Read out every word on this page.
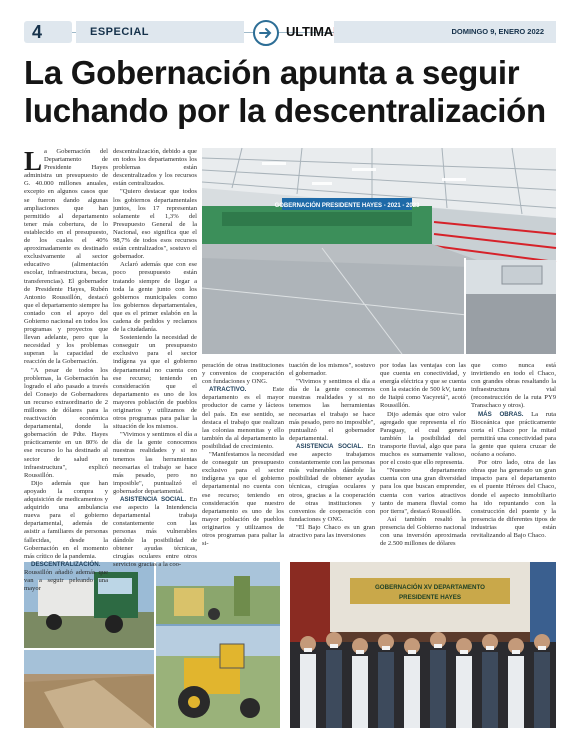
4	ESPECIAL	ULTIMA	DOMINGO 9, ENERO 2022
La Gobernación apunta a seguir luchando por la descentralización
GOBERNACIÓN PRESIDENTE HAYES - 2021 - 2023
GOBERNACIÓN XV DEPARTAMENTO
PRESIDENTE HAYES

La Gobernación del Departamento de Presidente Hayes administra un presupuesto de G. 40.000 millones anuales, excepto en algunos casos que se fueron dando algunas ampliaciones que han permitido al departamento tener más cobertura, de lo establecido en el presupuesto, de los cuales el 40% aproximadamente es destinado exclusivamente al sector educativo (alimentación escolar, infraestructura, becas, transferencias). El gobernador de Presidente Hayes, Rubén Antonio Roussillón, destacó que el departamento siempre ha contado con el apoyo del Gobierno nacional en todos los programas y proyectos que llevan adelante, pero que la necesidad y los problemas superan la capacidad de reacción de la Gobernación.

"A pesar de todos los problemas, la Gobernación ha logrado el año pasado a través del Consejo de Gobernadores un recurso extraordinario de 2 millones de dólares para la reactivación económica departamental, donde la gobernación de Pdte. Hayes prácticamente en un 80% de ese recurso lo ha destinado al sector de salud en infraestructura", explicó Roussillón.

Dijo además que han apoyado la compra y adquisición de medicamentos y adquirido una ambulancia nueva para el gobierno departamental, además de asistir a familiares de personas fallecidas, desde la Gobernación en el momento más crítico de la pandemia.

DESCENTRALIZACIÓN. Roussillón añadió además que van a seguir peleando una mayor

descentralización, debido a que en todos los departamentos los problemas están descentralizados y los recursos están centralizados.

"Quiero destacar que todos los gobiernos departamentales juntos, los 17 representan solamente el 1,3% del Presupuesto General de la Nacional, eso significa que el 98,7% de todos esos recursos están centralizados", sostuvo el gobernador.

Aclaró además que con ese poco presupuesto están tratando siempre de llegar a toda la gente junto con los gobiernos municipales como los gobiernos departamentales, que es el primer eslabón en la cadena de pedidos y reclamos de la ciudadanía.

Sosteniendo la necesidad de conseguir un presupuesto exclusivo para el sector indígena ya que el gobierno departamental no cuenta con ese recurso; teniendo en consideración que el departamento es uno de los mayores población de pueblos originarios y utilizamos de otros programas para paliar la situación de los mismos.

"Vivimos y sentimos el día a día de la gente conocemos nuestras realidades y si no tenemos las herramientas necesarias el trabajo se hace más pesado, pero no imposible", puntualizó el gobernador departamental.

ASISTENCIA SOCIAL. En ese aspecto la Intendencia departamental trabaja constantemente con las personas más vulnerables dándole la posibilidad de obtener ayudas técnicas, cirugías oculares entre otros servicios gracias a la coo-

peración de otras instituciones y convenios de cooperación con fundaciones y ONG.

ATRACTIVO.	Este departamento es el mayor productor de carne y lácteos del país. En ese sentido, se destaca el trabajo que realizan las colonias menonitas y ello también da al departamento la posibilidad de crecimiento.

"Manifestamos la necesidad de conseguir un presupuesto exclusivo para el sector indígena ya que el gobierno departamental no cuenta con ese recurso; teniendo en consideración que nuestro departamento es uno de los mayor población de pueblos originarios y utilizamos de otros programas para paliar la si-

tuación de los mismos", sostuvo el gobernador.

"Vivimos y sentimos el día a día de la gente conocemos nuestras realidades y si no tenemos las herramientas necesarias el trabajo se hace más pesado, pero no imposible", puntualizó el gobernador departamental.

ASISTENCIA SOCIAL. En ese aspecto trabajamos constantemente con las personas más vulnerables dándole la posibilidad de obtener ayudas técnicas, cirugías oculares y otros, gracias a la cooperación de otras instituciones y convenios de cooperación con fundaciones y ONG.

"El Bajo Chaco es un gran atractivo para las inversiones

por todas las ventajas con las que cuenta en conectividad, y energía eléctrica y que se cuenta con la estación de 500 kV, tanto de Itaipú como Yacyretá", acotó Roussillón.

Dijo además que otro valor agregado que representa el río Paraguay, el cual genera también la posibilidad del transporte fluvial, algo que para muchos es sumamente valioso, por el costo que ello representa.

"Nuestro departamento cuenta con una gran diversidad para los que buscan emprender, cuenta con varios atractivos tanto de manera fluvial como por tierra", destacó Roussillón.

Así también resaltó la presencia del Gobierno nacional con una inversión aproximada de 2.500 millones de dólares

que como nunca está invirtiendo en todo el Chaco, con grandes obras resaltando la infraestructura vial (reconstrucción de la ruta PY9 Transchaco y otros).

MÁS OBRAS. La ruta Bioceánica que prácticamente corta el Chaco por la mitad permitirá una conectividad para la gente que quiera cruzar de océano a océano.

Por otro lado, otra de las obras que ha generado un gran impacto para el departamento es el puente Héroes del Chaco, donde el aspecto inmobiliario ha ido repuntando con la construcción del puente y la presencia de diferentes tipos de industrias que están revitalizando al Bajo Chaco.
